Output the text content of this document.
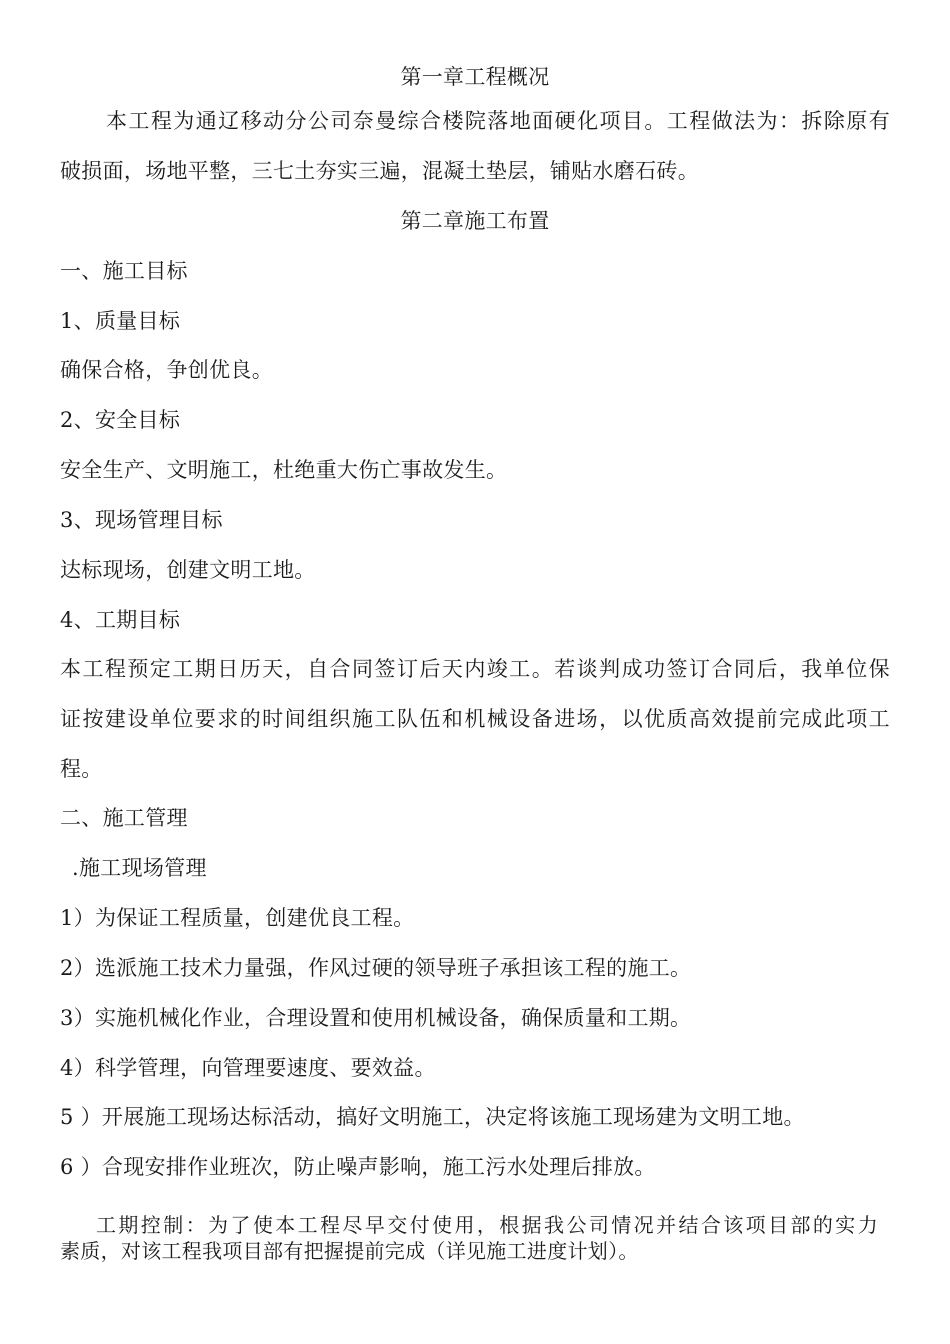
第一章工程概况
本工程为通辽移动分公司奈曼综合楼院落地面硬化项目。工程做法为：拆除原有
破损面，场地平整，三七土夯实三遍，混凝土垫层，铺贴水磨石砖。
第二章施工布置
一、施工目标
1、质量目标
确保合格，争创优良。
2、安全目标
安全生产、文明施工，杜绝重大伤亡事故发生。
3、现场管理目标
达标现场，创建文明工地。
4、工期目标
本工程预定工期日历天，自合同签订后天内竣工。若谈判成功签订合同后，我单位保
证按建设单位要求的时间组织施工队伍和机械设备进场，以优质高效提前完成此项工
程。
二、施工管理
.施工现场管理
1）为保证工程质量，创建优良工程。
2）选派施工技术力量强，作风过硬的领导班子承担该工程的施工。
3）实施机械化作业，合理设置和使用机械设备，确保质量和工期。
4）科学管理，向管理要速度、要效益。
5 ）开展施工现场达标活动，搞好文明施工，决定将该施工现场建为文明工地。
6 ）合现安排作业班次，防止噪声影响，施工污水处理后排放。
工期控制：为了使本工程尽早交付使用，根据我公司情况并结合该项目部的实力
素质，对该工程我项目部有把握提前完成（详见施工进度计划）。
